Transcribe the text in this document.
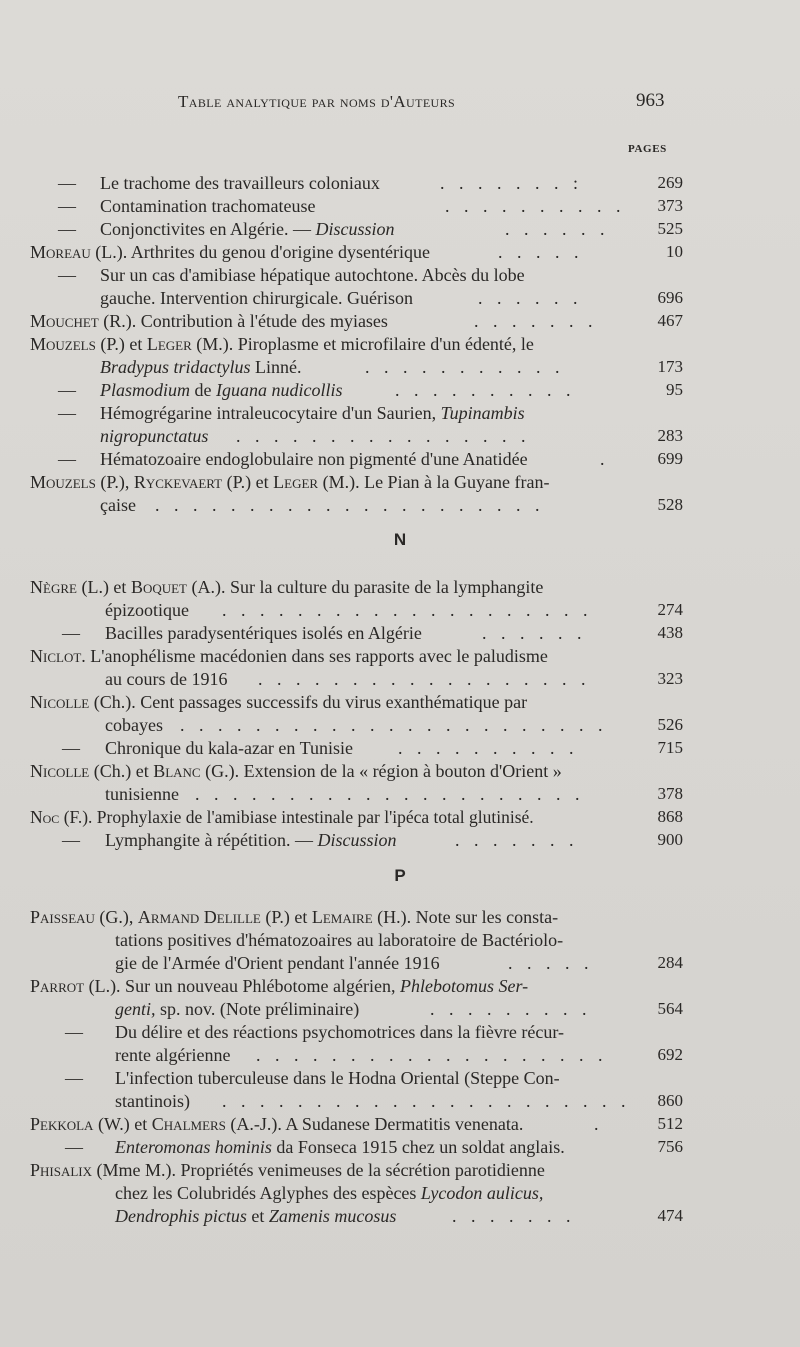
Table analytique par noms d'Auteurs	963
PAGES
— Le trachome des travailleurs coloniaux	. . . . . . . :	269
— Contamination trachomateuse	. . . . . . . . . . 373
— Conjonctivites en Algérie. — Discussion	. . . . . .	525
Moreau (L.). Arthrites du genou d'origine dysentérique	. . . . .	10
— Sur un cas d'amibiase hépatique autochtone. Abcès du lobe
gauche. Intervention chirurgicale. Guérison	. . . . . .	696
Mouchet (R.). Contribution à l'étude des myiases	. . . . . . .	467
Mouzels (P.) et Leger (M.). Piroplasme et microfilaire d'un édenté, le
Bradypus tridactylus Linné.	. . . . . . . . . . .	173
— Plasmodium de Iguana nudicollis	. . . . . . . . . .	95
— Hémogrégarine intraleucocytaire d'un Saurien, Tupinambis
nigropunctatus . . . . . . . . . . . . . . . .	283
— Hématozoaire endoglobulaire non pigmenté d'une Anatidée	.	699
Mouzels (P.), Ryckevaert (P.) et Leger (M.). Le Pian à la Guyane fran-
çaise . . . . . . . . . . . . . . . . . . . . .	528
N
Nègre (L.) et Boquet (A.). Sur la culture du parasite de la lymphangite
épizootique . . . . . . . . . . . . . . . . . . . .	274
— Bacilles paradysentériques isolés en Algérie	. . . . . .	438
Niclot. L'anophélisme macédonien dans ses rapports avec le paludisme
au cours de 1916 . . . . . . . . . . . . . . . . . .	323
Nicolle (Ch.). Cent passages successifs du virus exanthématique par
cobayes . . . . . . . . . . . . . . . . . . . . . . .	526
— Chronique du kala-azar en Tunisie	. . . . . . . . . .	715
Nicolle (Ch.) et Blanc (G.). Extension de la « région à bouton d'Orient »
tunisienne . . . . . . . . . . . . . . . . . . . . .	378
Noc (F.). Prophylaxie de l'amibiase intestinale par l'ipéca total glutinisé.	868
— Lymphangite à répétition. — Discussion	. . . . . . .	900
P
Paisseau (G.), Armand Delille (P.) et Lemaire (H.). Note sur les consta-
tations positives d'hématozoaires au laboratoire de Bactériolo-
gie de l'Armée d'Orient pendant l'année 1916	. . . . .	284
Parrot (L.). Sur un nouveau Phlébotome algérien, Phlebotomus Ser-
genti, sp. nov. (Note préliminaire)	. . . . . . . . .	564
— Du délire et des réactions psychomotrices dans la fièvre récur-
rente algérienne . . . . . . . . . . . . . . . . . . .	692
— L'infection tuberculeuse dans le Hodna Oriental (Steppe Con-
stantinois) . . . . . . . . . . . . . . . . . . . . . . 860
Pekkola (W.) et Chalmers (A.-J.). A Sudanese Dermatitis venenata.	.	512
— Enteromonas hominis da Fonseca 1915 chez un soldat anglais.	756
Phisalix (Mme M.). Propriétés venimeuses de la sécrétion parotidienne
chez les Colubridés Aglyphes des espèces Lycodon aulicus,
Dendrophis pictus et Zamenis mucosus	. . . . . . .	474
